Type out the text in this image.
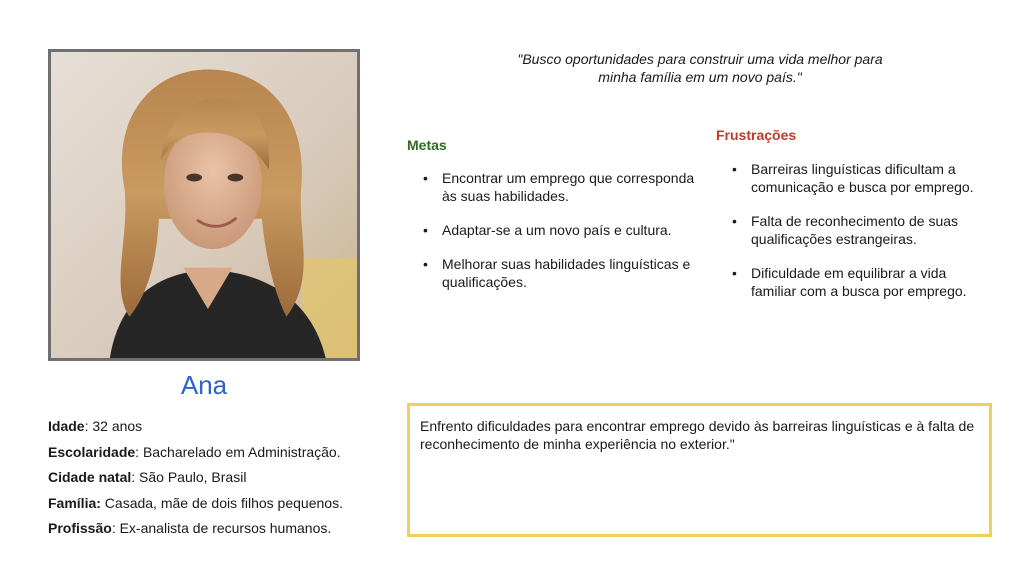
Ana
Idade: 32 anos
Escolaridade: Bacharelado em Administração.
Cidade natal: São Paulo, Brasil
Família: Casada, mãe de dois filhos pequenos.
Profissão: Ex-analista de recursos humanos.
"Busco oportunidades para construir uma vida melhor para
minha família em um novo país."
Metas
• Encontrar um emprego que corresponda às suas habilidades.
• Adaptar-se a um novo país e cultura.
• Melhorar suas habilidades linguísticas e qualificações.
Frustrações
• Barreiras linguísticas dificultam a comunicação e busca por emprego.
• Falta de reconhecimento de suas qualificações estrangeiras.
• Dificuldade em equilibrar a vida familiar com a busca por emprego.
Enfrento dificuldades para encontrar emprego devido às barreiras linguísticas e à falta de reconhecimento de minha experiência no exterior."
